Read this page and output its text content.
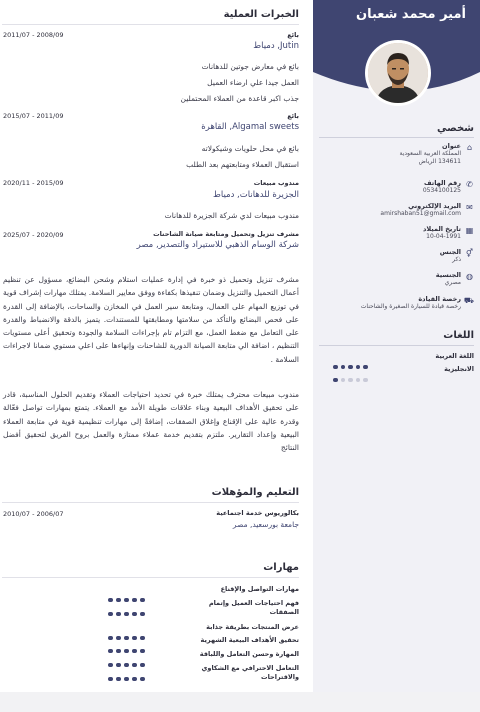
الخبرات العملية
2011/07 - 2008/09	بائع
Jutin, دمياط
بائع في معارض جوتين للدهانات
العمل جيدا علي ارضاء العميل
جذب اكبر قاعدة من العملاء المحتملين
2015/07 - 2011/09	بائع
Algamal sweets, القاهرة
بائع في محل حلويات وشيكولاته
استقبال العملاء ومتابعتهم بعد الطلب
2020/11 - 2015/09	مندوب مبيعات
الجزيرة للدهانات, دمياط
مندوب مبيعات لدي شركة الجزيرة للدهانات
2025/07 - 2020/09	مشرف تنزيل وتحميل ومتابعة صيانة الشاحنات
شركة الوسام الذهبي للاستيراد والتصدير, مصر
مشرف تنزيل وتحميل ذو خبرة في إدارة عمليات استلام وشحن البضائع، مسؤول عن تنظيم أعمال التحميل والتنزيل وضمان تنفيذها بكفاءة ووفق معايير السلامة. يمتلك مهارات إشراف قوية في توزيع المهام على العمال، ومتابعة سير العمل في المخازن والساحات، بالإضافة إلى القدرة على فحص البضائع والتأكد من سلامتها ومطابقتها للمستندات. يتميز بالدقة والانضباط والقدرة على التعامل مع ضغط العمل، مع التزام تام بإجراءات السلامة والجودة وتحقيق أعلى مستويات التنظيم ، اضافة الي متابعة الصيانة الدورية للشاحنات وإنهاءها على اعلي مستوي ضمانا لاجراءات السلامة .
مندوب مبيعات محترف يمتلك خبرة في تحديد احتياجات العملاء وتقديم الحلول المناسبة، قادر على تحقيق الأهداف البيعية وبناء علاقات طويلة الأمد مع العملاء. يتمتع بمهارات تواصل فعّالة وقدرة عالية على الإقناع وإغلاق الصفقات، إضافةً إلى مهارات تنظيمية قوية في متابعة العملاء البيعية وإعداد التقارير. ملتزم بتقديم خدمة عملاء ممتازة والعمل بروح الفريق لتحقيق أفضل النتائج
التعليم والمؤهلات
2010/07 - 2006/07	بكالوريوس خدمة اجتماعية
جامعة بورسعيد, مصر
مهارات
مهارات التواصل والإقناع
فهم احتياجات العميل وإتمام الصفقات
عرض المنتجات بطريقة جذابة
تحقيق الأهداف البيعية الشهرية
المهارة وحسن التعامل واللباقة
التعامل الاحترافي مع الشكاوي والاقتراحات
أمير محمد شعبان
شخصي
⌂
عنوان
المملكة العربية السعودية
134611 الرياض
✆
رقم الهاتف
0534100125
✉
البريد الإلكتروني
amirshaban51@gmail.com
▦
تاريخ الميلاد
10-04-1991
⚥
الجنس
ذكر
◍
الجنسية
مصري
⛟
رخصة القيادة
رخصة قيادة للسيارة الصغيرة والشاحنات
اللغات
اللغة العربية
الانجليزية
